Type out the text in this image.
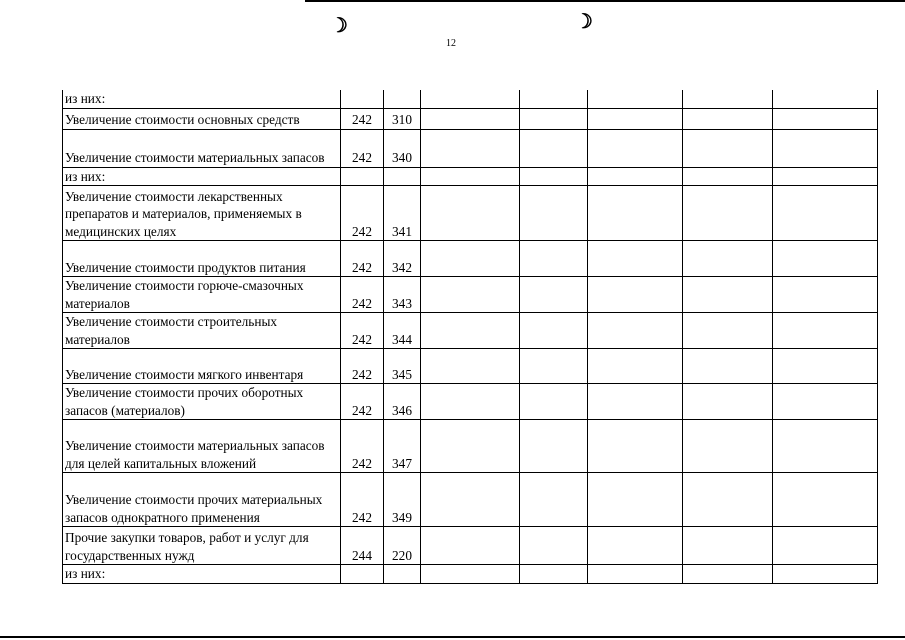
☽	☽
12
из них:							
Увеличение стоимости основных средств	242	310					
Увеличение стоимости материальных запасов	242	340					
из них:							
Увеличение стоимости лекарственных препаратов и материалов, применяемых в медицинских целях	242	341					
Увеличение стоимости продуктов питания	242	342					
Увеличение стоимости горюче-смазочных материалов	242	343					
Увеличение стоимости строительных материалов	242	344					
Увеличение стоимости мягкого инвентаря	242	345					
Увеличение стоимости прочих оборотных запасов (материалов)	242	346					
Увеличение стоимости материальных запасов для целей капитальных вложений	242	347					
Увеличение стоимости прочих материальных запасов однократного применения	242	349					
Прочие закупки товаров, работ и услуг для государственных нужд	244	220					
из них:							
